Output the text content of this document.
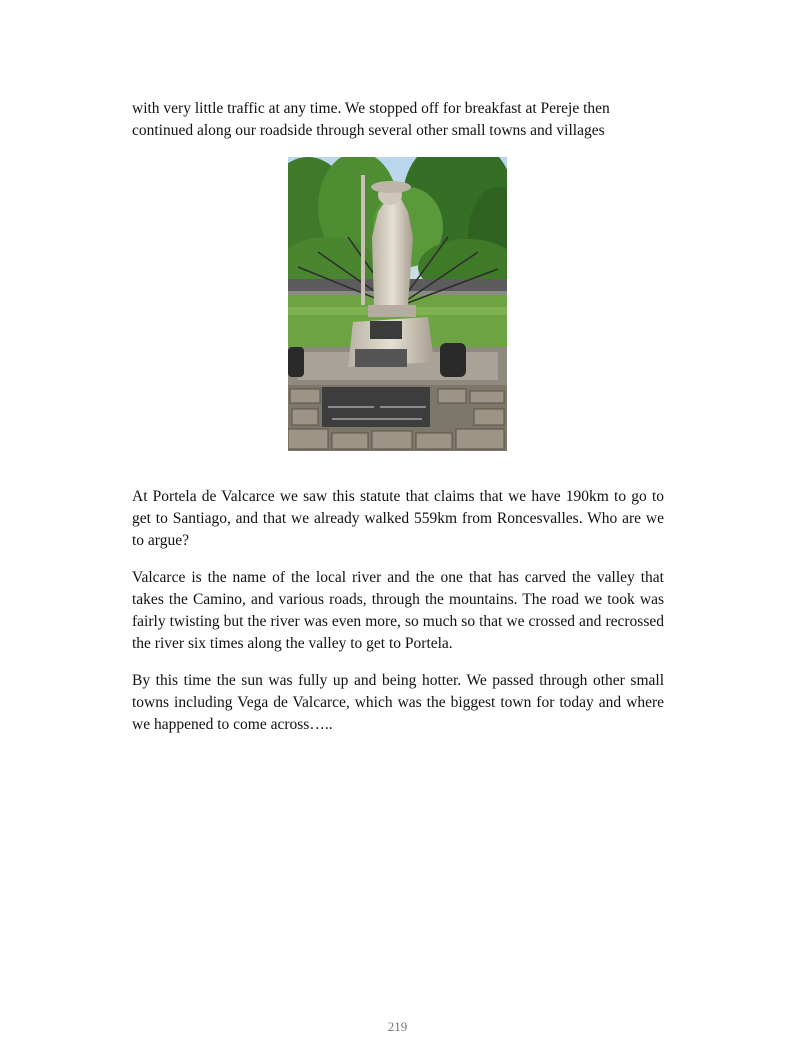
with very little traffic at any time. We stopped off for breakfast at Pereje then

continued along our roadside through several other small towns and villages

At Portela de Valcarce we saw this statute that claims that we have 190km to go to get to Santiago, and that we already walked 559km from Roncesvalles. Who are we to argue?
Valcarce is the name of the local river and the one that has carved the valley that takes the Camino, and various roads, through the mountains. The road we took was fairly twisting but the river was even more, so much so that we crossed and recrossed the river six times along the valley to get to Portela.
By this time the sun was fully up and being hotter. We passed through other small towns including Vega de Valcarce, which was the biggest town for today and where we happened to come across…..
219
